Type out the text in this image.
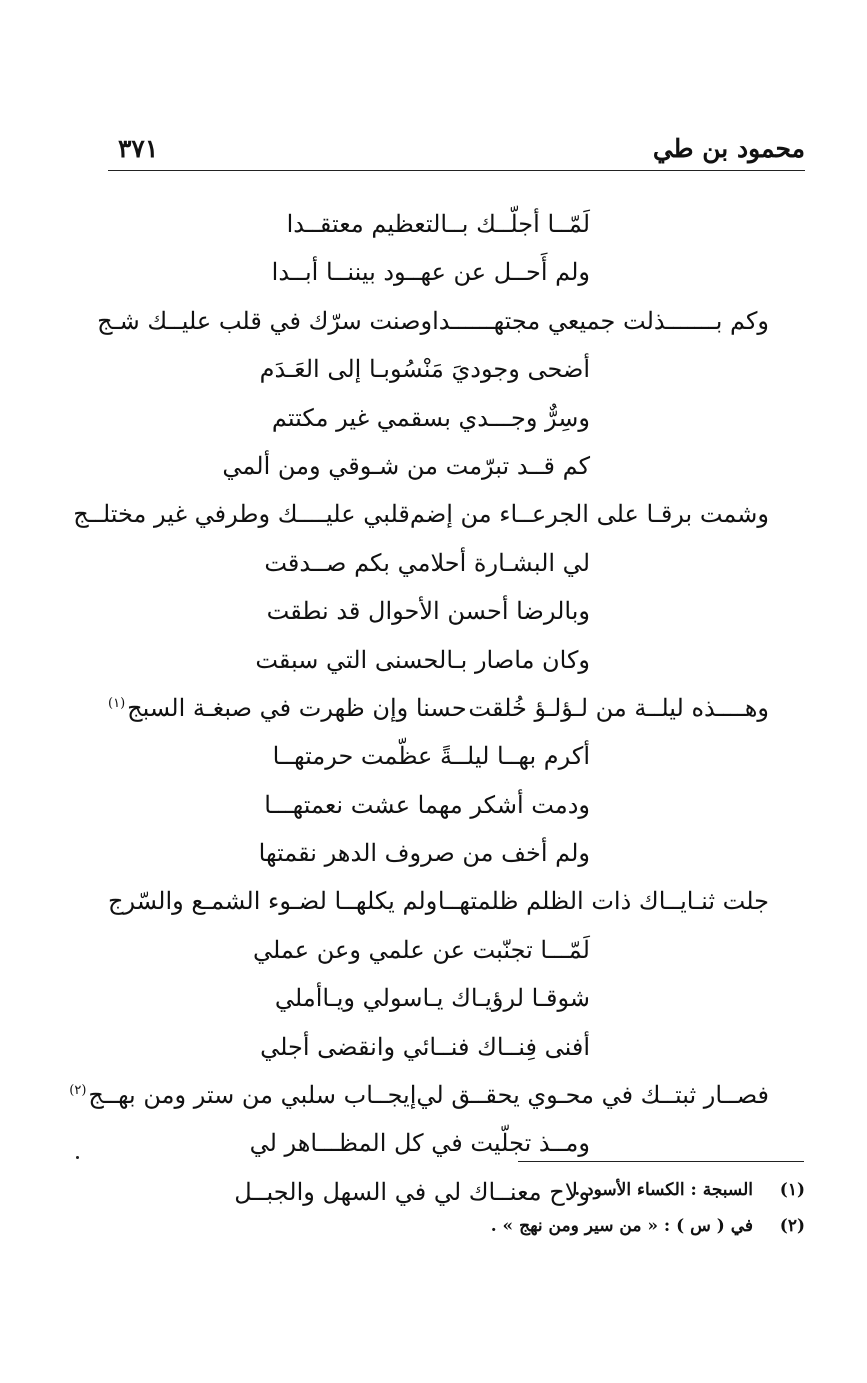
محمود بن طي
٣٧١
لَمّــا أجلّــك بــالتعظيم معتقــدا
ولم أَحــل عن عهــود بيننــا أبــدا
وكم بـــــــذلت جميعي مجتهــــــدا
وصنت سرّك في قلب عليــك شـج
أضحى وجوديَ مَنْسُوبـا إلى العَـدَم
وسِرٌّ وجـــدي بسقمي غير مكتتم
كم قــد تبرّمت من شـوقي ومن ألمي
وشمت برقـا على الجرعــاء من إضم
قلبي عليــــك وطرفي غير مختلــج
لي البشـارة أحلامي بكم صــدقت
وبالرضا أحسن الأحوال قد نطقت
وكان ماصار بـالحسنى التي سبقت
وهــــذه ليلــة من لـؤلـؤ خُلقت
حسنا وإن ظهرت في صبغـة السبج$^{(١)}$
أكرم بهــا ليلــةً عظّمت حرمتهــا
ودمت أشكر مهما عشت نعمتهـــا
ولم أخف من صروف الدهر نقمتها
جلت ثنـايــاك ذات الظلم ظلمتهــا
ولم يكلهــا لضـوء الشمـع والسّرج
لَمّـــا تجنّبت عن علمي وعن عملي
شوقـا لرؤيـاك يـاسولي ويـاأملي
أفنى فِنــاك فنــائي وانقضى أجلي
فصــار ثبتــك في محـوي يحقــق لي
إيجــاب سلبي من ستر ومن بهــج$^{(٢)}$
ومــذ تجلّيت في كل المظـــاهر لي
ولاح معنــاك لي في السهل والجبــل	(١)السبجة : الكساء الأسود .
(٢)في ( س ) : « من سير ومن نهج » .
